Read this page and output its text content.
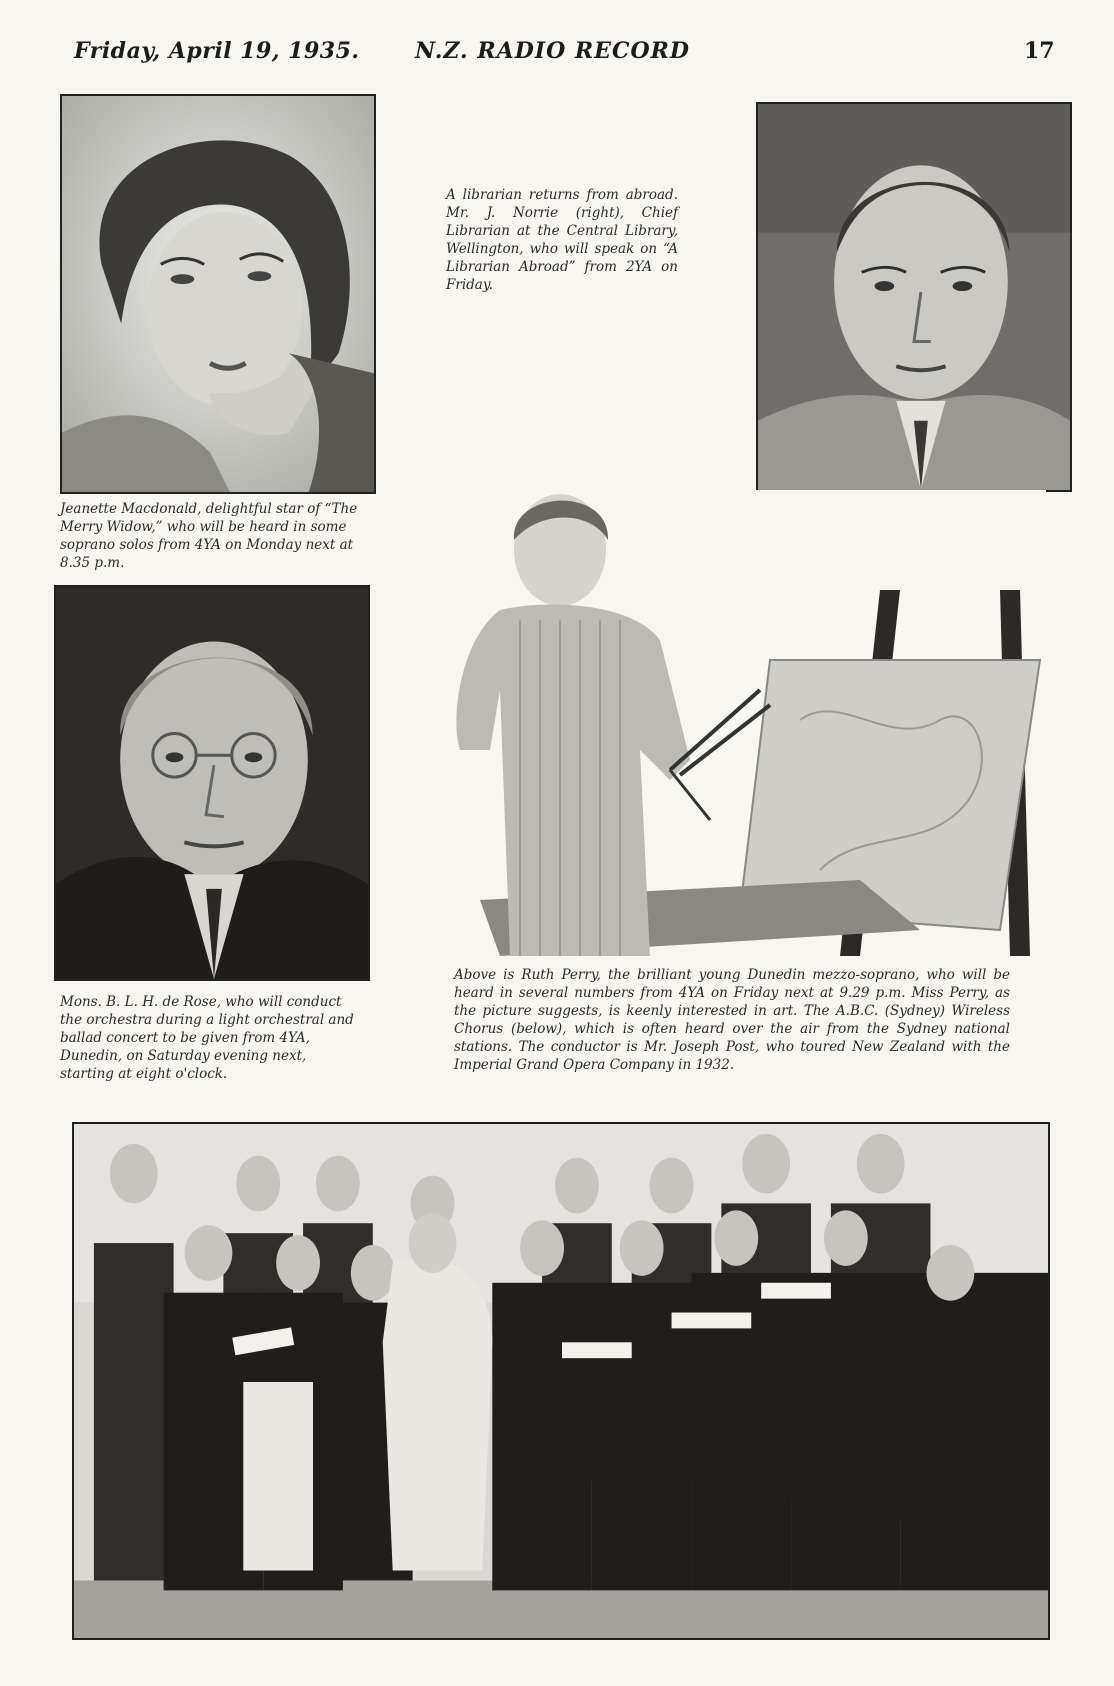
Friday, April 19, 1935.	N.Z. RADIO RECORD	17

A librarian returns from abroad. Mr. J. Norrie (right), Chief Librarian at the Central Library, Wellington, who will speak on “A Librarian Abroad” from 2YA on Friday.

Jeanette Macdonald, delightful star of “The Merry Widow,” who will be heard in some soprano solos from 4YA on Monday next at 8.35 p.m.

Mons. B. L. H. de Rose, who will conduct the orchestra during a light orchestral and ballad concert to be given from 4YA, Dunedin, on Saturday evening next, starting at eight o'clock.

Above is Ruth Perry, the brilliant young Dunedin mezzo-soprano, who will be heard in several numbers from 4YA on Friday next at 9.29 p.m. Miss Perry, as the picture suggests, is keenly interested in art. The A.B.C. (Sydney) Wireless Chorus (below), which is often heard over the air from the Sydney national stations. The conductor is Mr. Joseph Post, who toured New Zealand with the Imperial Grand Opera Company in 1932.
